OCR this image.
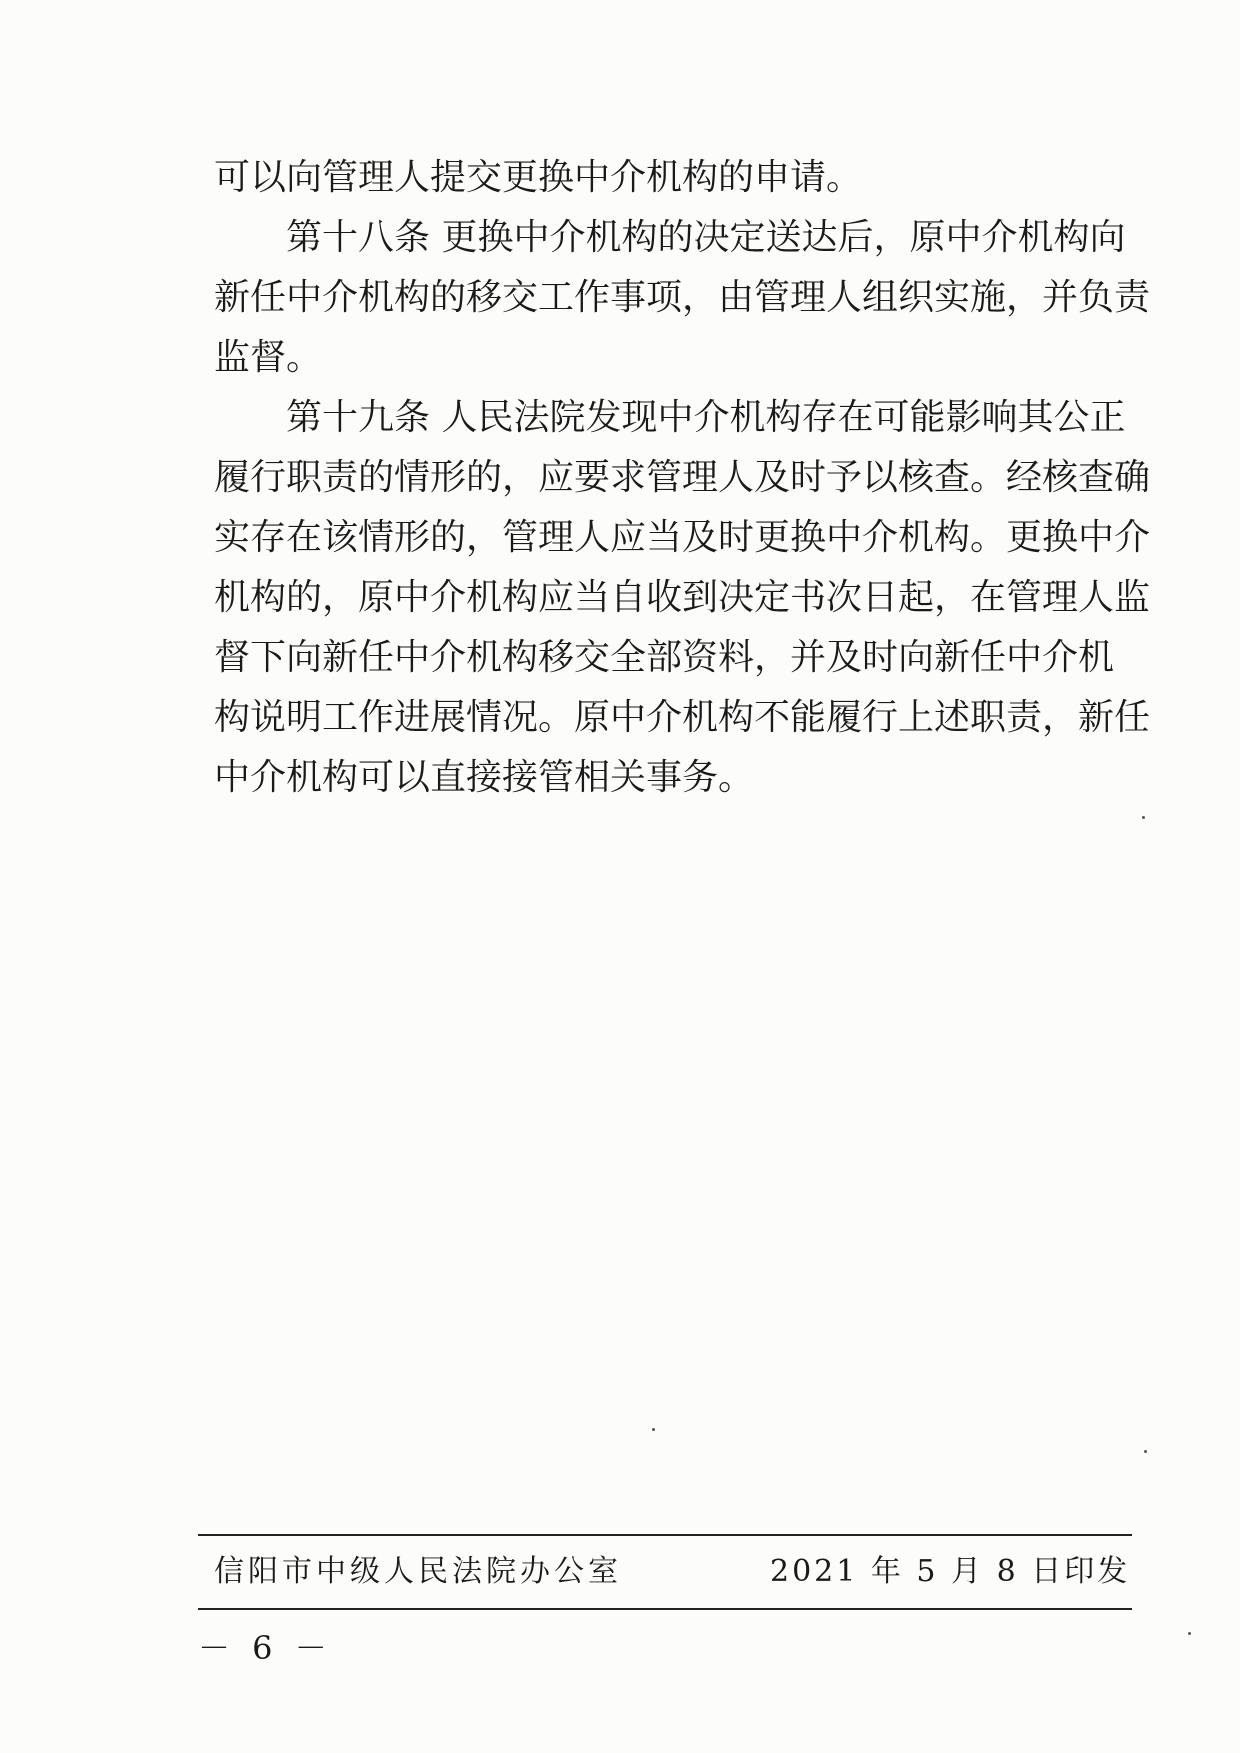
可以向管理人提交更换中介机构的申请。
第十八条 更换中介机构的决定送达后，原中介机构向
新任中介机构的移交工作事项，由管理人组织实施，并负责
监督。
第十九条 人民法院发现中介机构存在可能影响其公正
履行职责的情形的，应要求管理人及时予以核查。经核查确
实存在该情形的，管理人应当及时更换中介机构。更换中介
机构的，原中介机构应当自收到决定书次日起，在管理人监
督下向新任中介机构移交全部资料，并及时向新任中介机
构说明工作进展情况。原中介机构不能履行上述职责，新任
中介机构可以直接接管相关事务。
信阳市中级人民法院办公室	2021 年 5 月 8 日印发
－ 6 －
